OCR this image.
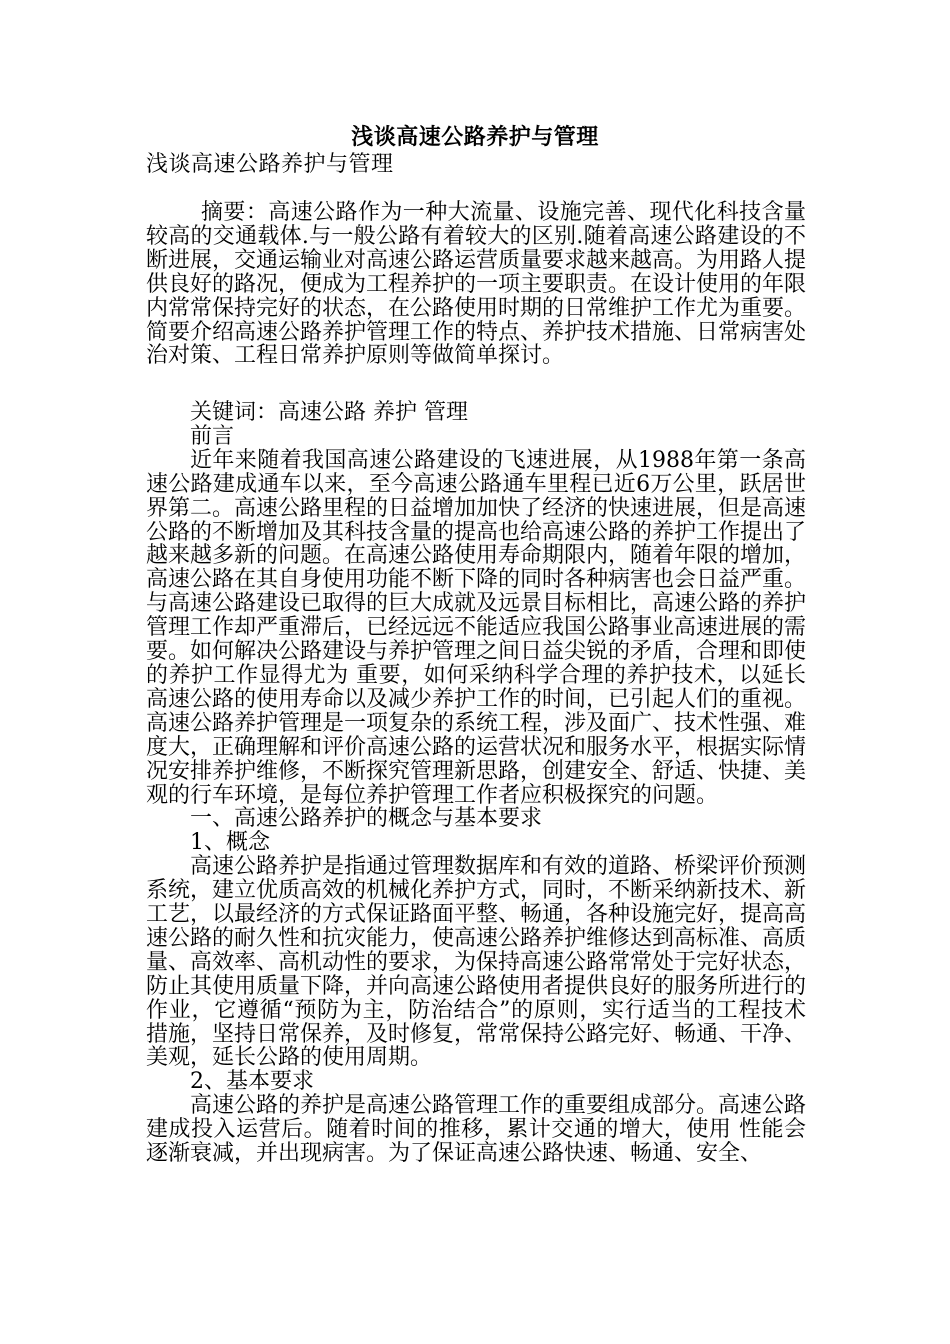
浅谈高速公路养护与管理
浅谈高速公路养护与管理

摘要：高速公路作为一种大流量、设施完善、现代化科技含量较高的交通载体.与一般公路有着较大的区别.随着高速公路建设的不断进展，交通运输业对高速公路运营质量要求越来越高。为用路人提供良好的路况，便成为工程养护的一项主要职责。在设计使用的年限内常常保持完好的状态，在公路使用时期的日常维护工作尤为重要。简要介绍高速公路养护管理工作的特点、养护技术措施、日常病害处治对策、工程日常养护原则等做简单探讨。

关键词：高速公路 养护 管理

前言

近年来随着我国高速公路建设的飞速进展，从1988年第一条高速公路建成通车以来，至今高速公路通车里程已近6万公里，跃居世界第二。高速公路里程的日益增加加快了经济的快速进展，但是高速公路的不断增加及其科技含量的提高也给高速公路的养护工作提出了越来越多新的问题。在高速公路使用寿命期限内，随着年限的增加，高速公路在其自身使用功能不断下降的同时各种病害也会日益严重。与高速公路建设已取得的巨大成就及远景目标相比，高速公路的养护管理工作却严重滞后，已经远远不能适应我国公路事业高速进展的需要。如何解决公路建设与养护管理之间日益尖锐的矛盾，合理和即使的养护工作显得尤为 重要，如何采纳科学合理的养护技术，以延长高速公路的使用寿命以及减少养护工作的时间，已引起人们的重视。高速公路养护管理是一项复杂的系统工程，涉及面广、技术性强、难度大，正确理解和评价高速公路的运营状况和服务水平，根据实际情况安排养护维修，不断探究管理新思路，创建安全、舒适、快捷、美观的行车环境，是每位养护管理工作者应积极探究的问题。

一、高速公路养护的概念与基本要求

1、概念

高速公路养护是指通过管理数据库和有效的道路、桥梁评价预测系统，建立优质高效的机械化养护方式，同时，不断采纳新技术、新工艺，以最经济的方式保证路面平整、畅通，各种设施完好，提高高速公路的耐久性和抗灾能力，使高速公路养护维修达到高标准、高质量、高效率、高机动性的要求，为保持高速公路常常处于完好状态，防止其使用质量下降，并向高速公路使用者提供良好的服务所进行的作业，它遵循“预防为主，防治结合”的原则，实行适当的工程技术措施，坚持日常保养，及时修复，常常保持公路完好、畅通、干净、美观，延长公路的使用周期。

2、基本要求

高速公路的养护是高速公路管理工作的重要组成部分。高速公路建成投入运营后。随着时间的推移，累计交通的增大，使用 性能会逐渐衰减，并出现病害。为了保证高速公路快速、畅通、安全、
